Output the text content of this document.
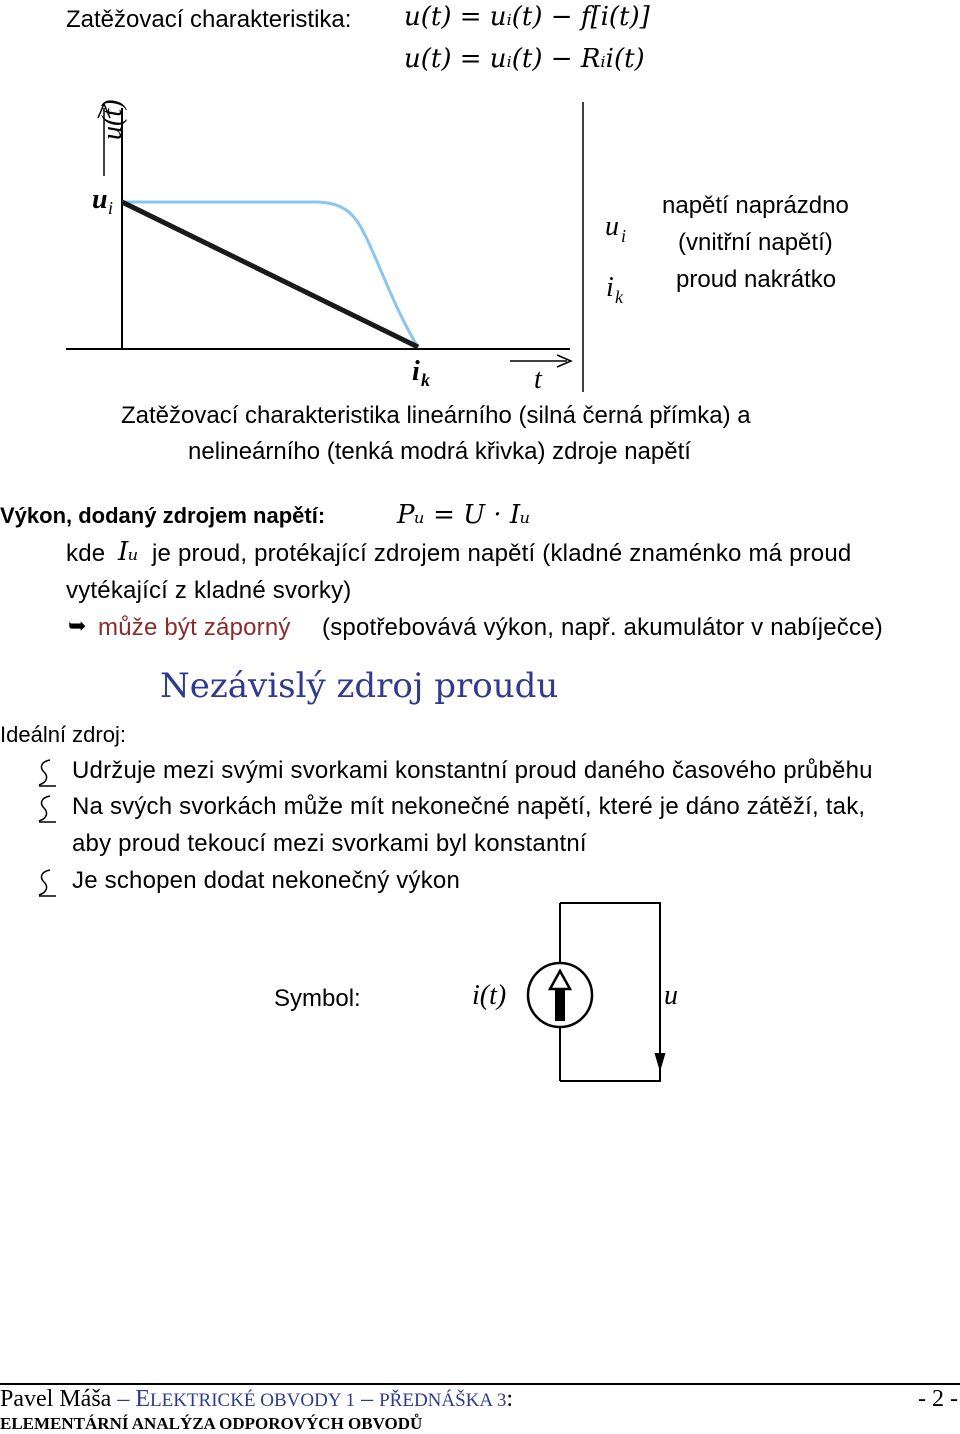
Zatěžovací charakteristika: u(t) = uᵢ(t) − f[i(t)]
u(t) = uᵢ(t) − Rᵢi(t)
u(t)
u i
i k	t
u i
i k
napětí naprázdno
(vnitřní napětí)
proud nakrátko
Zatěžovací charakteristika lineárního (silná černá přímka) a
nelineárního (tenká modrá křivka) zdroje napětí
Výkon, dodaný zdrojem napětí:	Pᵤ = U · Iᵤ
kde Iᵤ je proud, protékající zdrojem napětí (kladné znaménko má proud
vytékající z kladné svorky)
➥ může být záporný (spotřebovává výkon, např. akumulátor v nabíječce)
Nezávislý zdroj proudu
Ideální zdroj:
Udržuje mezi svými svorkami konstantní proud daného časového průběhu
Na svých svorkách může mít nekonečné napětí, které je dáno zátěží, tak,
aby proud tekoucí mezi svorkami byl konstantní
Je schopen dodat nekonečný výkon
Symbol:	i(t)	u
Pavel Máša – ELEKTRICKÉ OBVODY 1 – PŘEDNÁŠKA 3:	- 2 -
ELEMENTÁRNÍ ANALÝZA ODPOROVÝCH OBVODŮ
